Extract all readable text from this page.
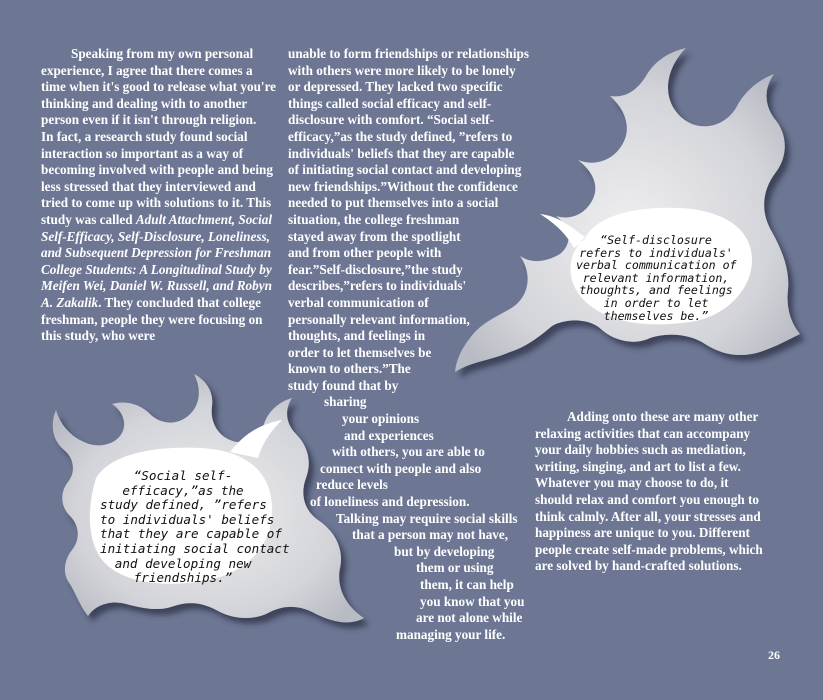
Speaking from my own personal
experience, I agree that there comes a
time when it's good to release what you're
thinking and dealing with to another
person even if it isn't through religion.
In fact, a research study found social
interaction so important as a way of
becoming involved with people and being
less stressed that they interviewed and
tried to come up with solutions to it. This
study was called Adult Attachment, Social
Self-Efficacy, Self-Disclosure, Loneliness,
and Subsequent Depression for Freshman
College Students: A Longitudinal Study by
Meifen Wei, Daniel W. Russell, and Robyn
A. Zakalik. They concluded that college
freshman, people they were focusing on
this study, who were
unable to form friendships or relationships
with others were more likely to be lonely
or depressed. They lacked two specific
things called social efficacy and self-
disclosure with comfort. “Social self-
efficacy,”as the study defined, ”refers to
individuals' beliefs that they are capable
of initiating social contact and developing
new friendships.”Without the confidence
needed to put themselves into a social
situation, the college freshman
stayed away from the spotlight
and from other people with
fear.”Self-disclosure,”the study
describes,”refers to individuals'
verbal communication of
personally relevant information,
thoughts, and feelings in
order to let themselves be
known to others.”The
study found that by
sharing
your opinions
and experiences
with others, you are able to
connect with people and also
reduce levels
of loneliness and depression.
Talking may require social skills
that a person may not have,
but by developing
them or using
them, it can help
you know that you
are not alone while
managing your life.
Adding onto these are many other
relaxing activities that can accompany
your daily hobbies such as mediation,
writing, singing, and art to list a few.
Whatever you may choose to do, it
should relax and comfort you enough to
think calmly. After all, your stresses and
happiness are unique to you. Different
people create self-made problems, which
are solved by hand-crafted solutions.
“Self-disclosure
refers to individuals'
verbal communication of
relevant information,
thoughts, and feelings
in order to let
themselves be.”
“Social self-
efficacy,”as the
study defined, ”refers
to individuals' beliefs
that they are capable of
initiating social contact
and developing new
friendships.”
26
